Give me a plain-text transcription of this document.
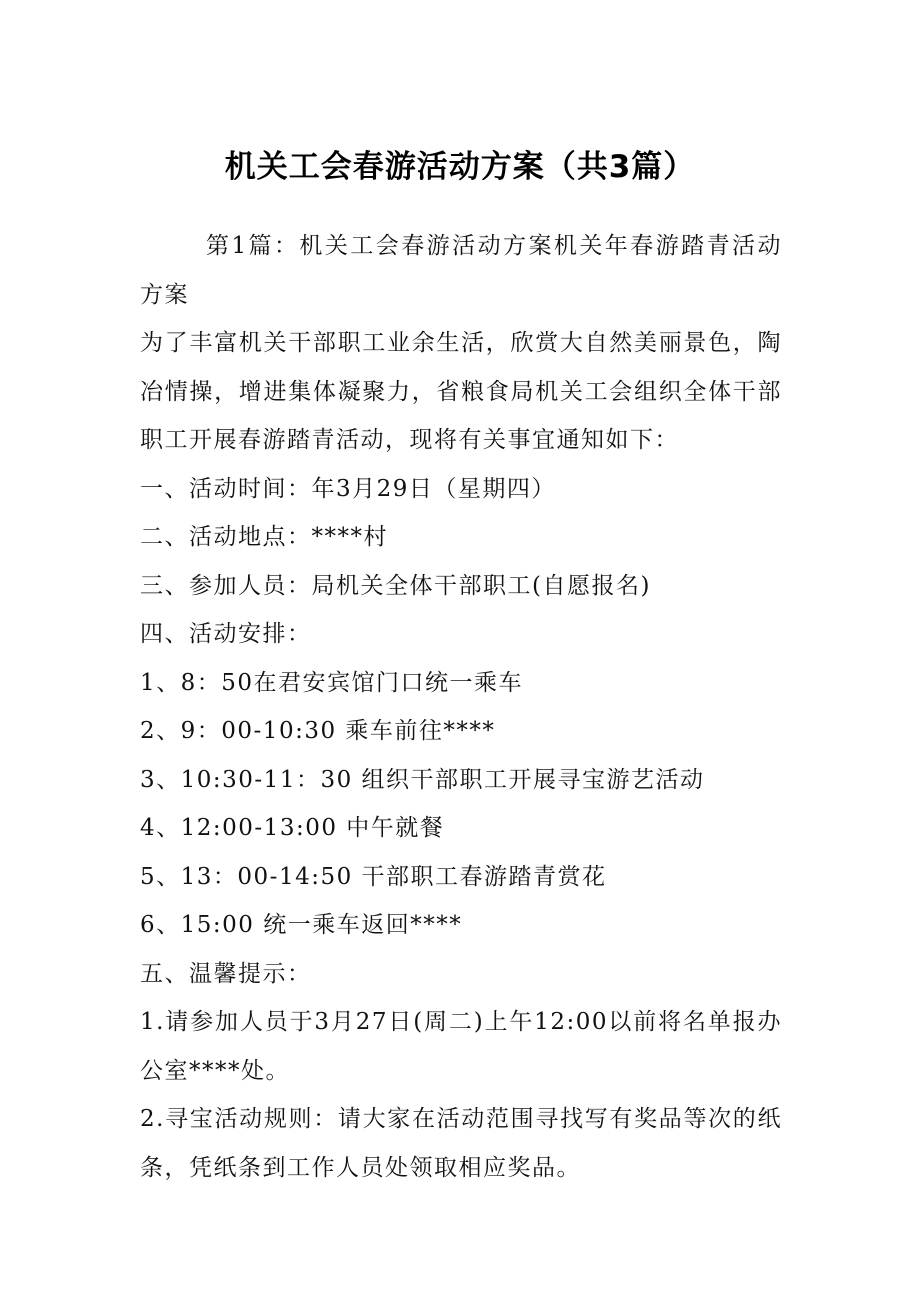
机关工会春游活动方案（共3篇）

第1篇：机关工会春游活动方案机关年春游踏青活动方案

为了丰富机关干部职工业余生活，欣赏大自然美丽景色，陶冶情操，增进集体凝聚力，省粮食局机关工会组织全体干部职工开展春游踏青活动，现将有关事宜通知如下：

一、活动时间：年3月29日（星期四）

二、活动地点：****村

三、参加人员：局机关全体干部职工(自愿报名)

四、活动安排：

1、8：50在君安宾馆门口统一乘车

2、9：00-10:30 乘车前往****

3、10:30-11：30 组织干部职工开展寻宝游艺活动

4、12:00-13:00 中午就餐

5、13：00-14:50 干部职工春游踏青赏花

6、15:00 统一乘车返回****

五、温馨提示：

1.请参加人员于3月27日(周二)上午12:00以前将名单报办公室****处。

2.寻宝活动规则：请大家在活动范围寻找写有奖品等次的纸条，凭纸条到工作人员处领取相应奖品。
